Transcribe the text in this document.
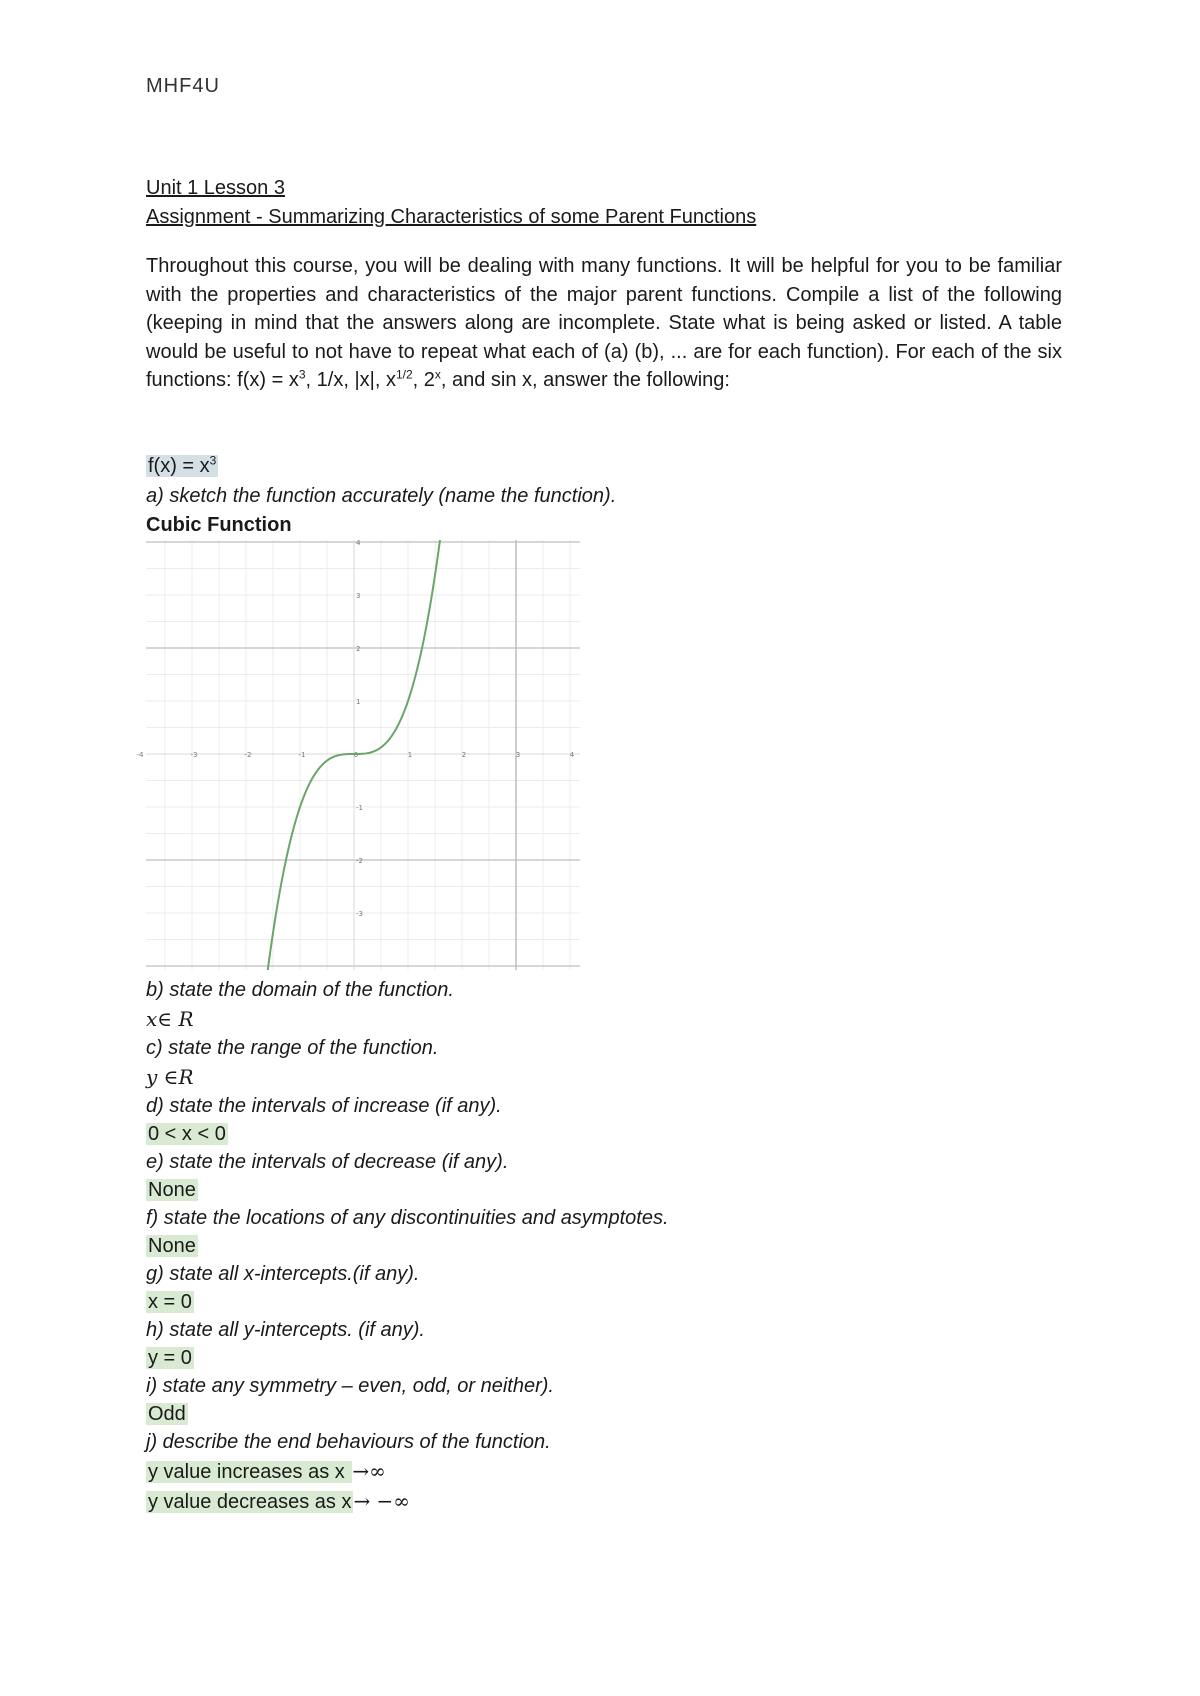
MHF4U
Unit 1 Lesson 3
Assignment - Summarizing Characteristics of some Parent Functions
Throughout this course, you will be dealing with many functions. It will be helpful for you to be familiar with the properties and characteristics of the major parent functions. Compile a list of the following (keeping in mind that the answers along are incomplete. State what is being asked or listed. A table would be useful to not have to repeat what each of (a) (b), ... are for each function). For each of the six functions: $f(x) = x^3$, 1/x, |x|, $x^{1/2}$, 2$^x$, and sin x, answer the following:
$f(x) = x^3$
a) sketch the function accurately (name the function).
Cubic Function
-4	-3	-2	-1	0	1	2	3	4
4
3
2
1
-1
-2
-3
b) state the domain of the function.
x∈ R
c) state the range of the function.
y ∈R
d) state the intervals of increase (if any).
0 < x < 0
e) state the intervals of decrease (if any).
None
f) state the locations of any discontinuities and asymptotes.
None
g) state all x-intercepts.(if any).
x = 0
h) state all y-intercepts. (if any).
y = 0
i) state any symmetry – even, odd, or neither).
Odd
j) describe the end behaviours of the function.
y value increases as x →∞
y value decreases as x → −∞
